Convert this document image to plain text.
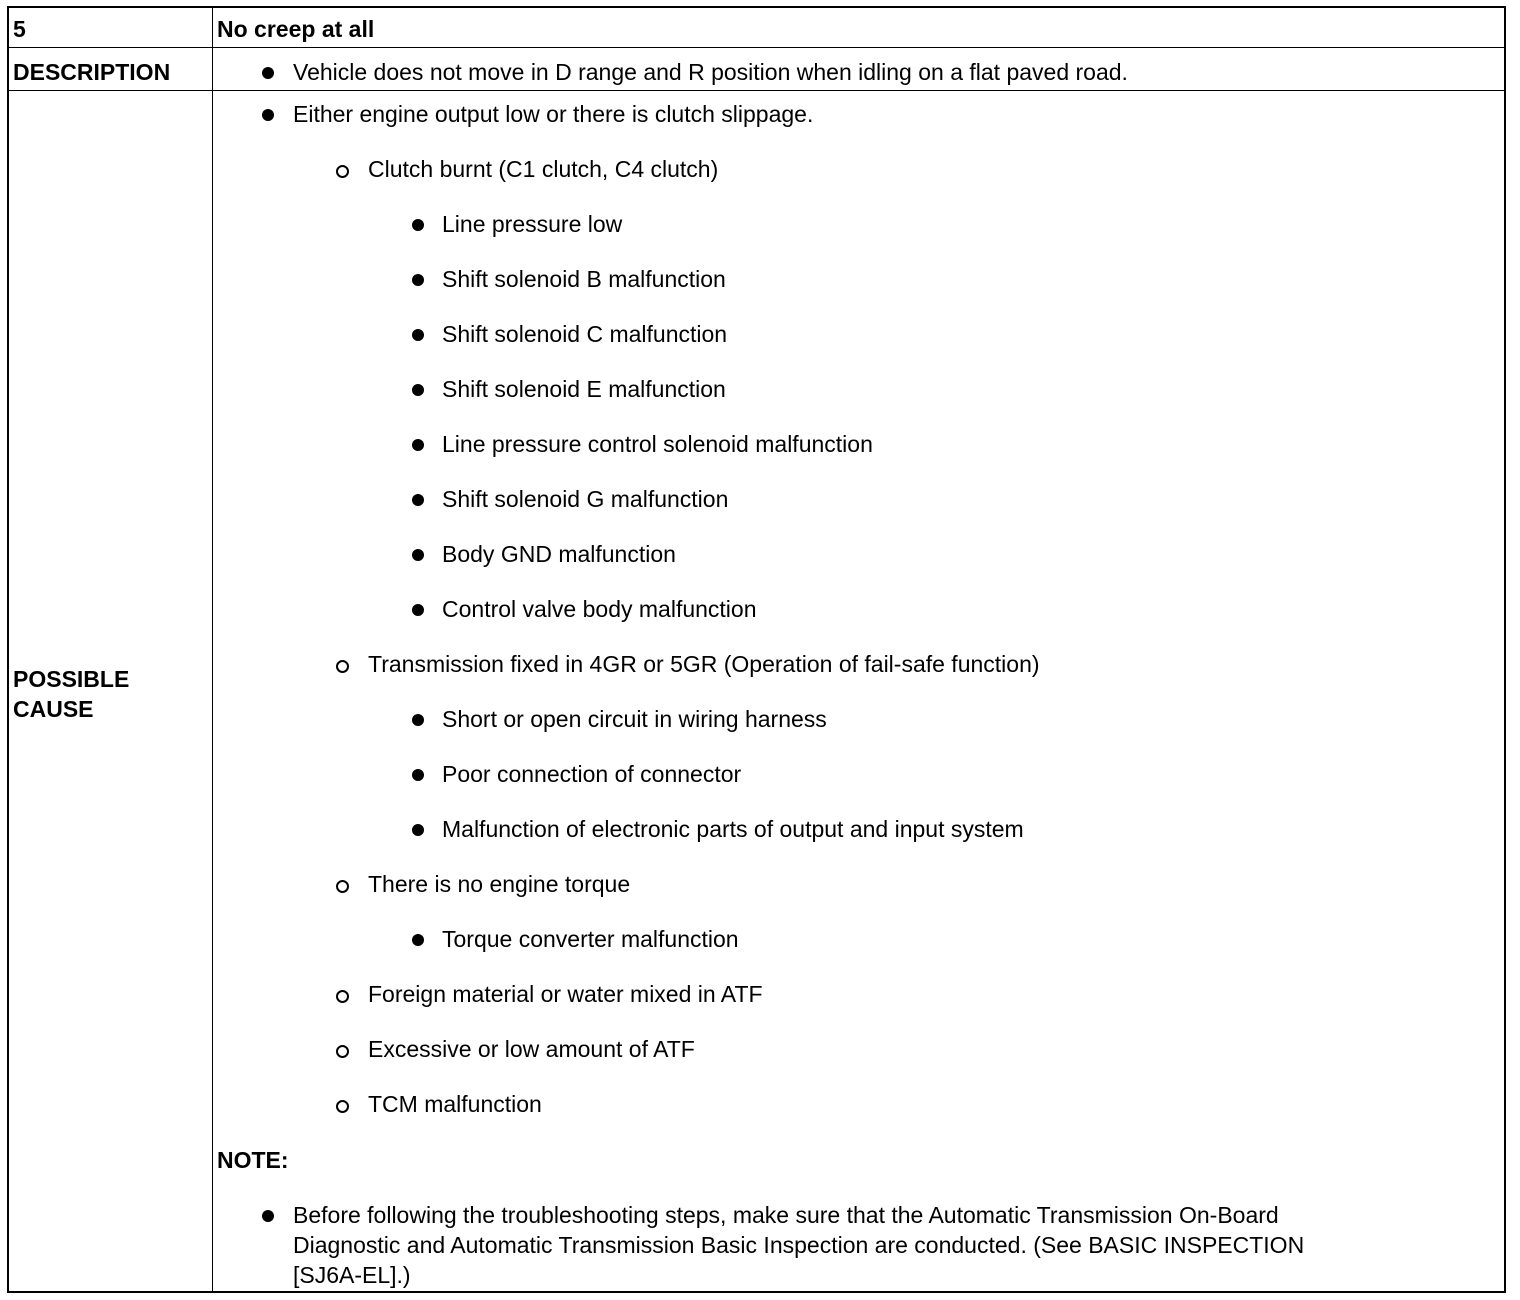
5	No creep at all
DESCRIPTION	Vehicle does not move in D range and R position when idling on a flat paved road.
POSSIBLE
CAUSE
Either engine output low or there is clutch slippage.
Clutch burnt (C1 clutch, C4 clutch)
Line pressure low
Shift solenoid B malfunction
Shift solenoid C malfunction
Shift solenoid E malfunction
Line pressure control solenoid malfunction
Shift solenoid G malfunction
Body GND malfunction
Control valve body malfunction
Transmission fixed in 4GR or 5GR (Operation of fail-safe function)
Short or open circuit in wiring harness
Poor connection of connector
Malfunction of electronic parts of output and input system
There is no engine torque
Torque converter malfunction
Foreign material or water mixed in ATF
Excessive or low amount of ATF
TCM malfunction
NOTE:
Before following the troubleshooting steps, make sure that the Automatic Transmission On-Board
Diagnostic and Automatic Transmission Basic Inspection are conducted. (See BASIC INSPECTION
[SJ6A-EL].)
